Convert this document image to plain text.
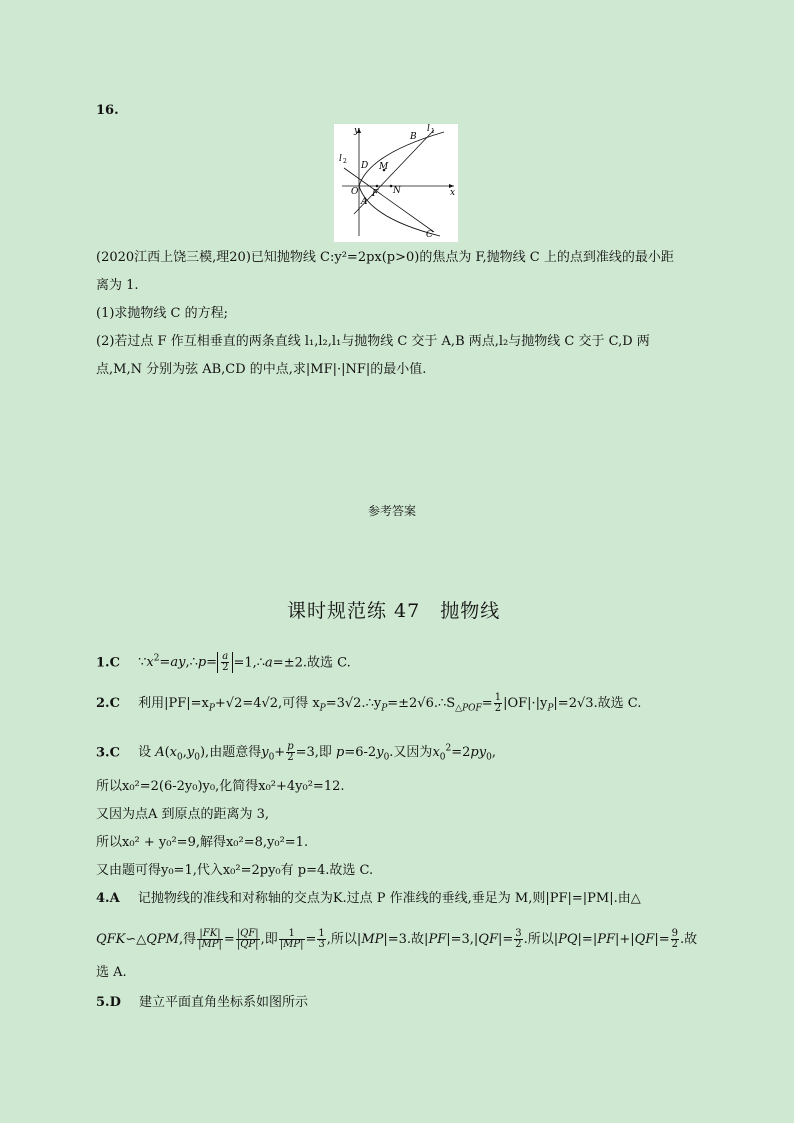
16.
y
x
O F N
M
A
B
C
D
l 1
l 2
(2020江西上饶三模,理20)已知抛物线 C:y²=2px(p>0)的焦点为 F,抛物线 C 上的点到准线的最小距
离为 1.
(1)求抛物线 C 的方程;
(2)若过点 F 作互相垂直的两条直线 l₁,l₂,l₁与抛物线 C 交于 A,B 两点,l₂与抛物线 C 交于 C,D 两
点,M,N 分别为弦 AB,CD 的中点,求|MF|·|NF|的最小值.
参考答案
课时规范练 47　抛物线
1.C $\because x^2=ay,\therefore p= \frac{a}{2}$ =1,∴a=±2.故选 C.
2.C 利用$|PF|=x_P+√2=4√2$,可得 $x_P=3√2.\therefore y_P=\pm 2√6.\therefore S_{\triangle POF}= \frac{1}{2} |OF|\cdot|y_P|=2√3$.故选 C.
3.C 设 $A(x_0,y_0)$,由题意得$y_0+ \frac{p}{2} =3$,即 $p=6-2y_0$.又因为$x_0^2=2py_0$,
所以x₀²=2(6-2y₀)y₀,化简得x₀²+4y₀²=12.
又因为点A 到原点的距离为 3,
所以x₀² + y₀²=9,解得x₀²=8,y₀²=1.
又由题可得y₀=1,代入x₀²=2py₀有 p=4.故选 C.
4.A 记抛物线的准线和对称轴的交点为K.过点 P 作准线的垂线,垂足为 M,则|PF|=|PM|.由△
QFK∽△QPM,得 $\frac{|FK|}{|MP|} = \frac{|QF|}{|QP|}$ ,即 $\frac{1}{|MP|} = \frac{1}{3}$ ,所以|MP|=3.故$|PF|=3,|QF|= \frac{3}{2}$ .所以$|PQ|=|PF|+|QF|= \frac{9}{2}$ .故
选 A.
5.D 建立平面直角坐标系如图所示
